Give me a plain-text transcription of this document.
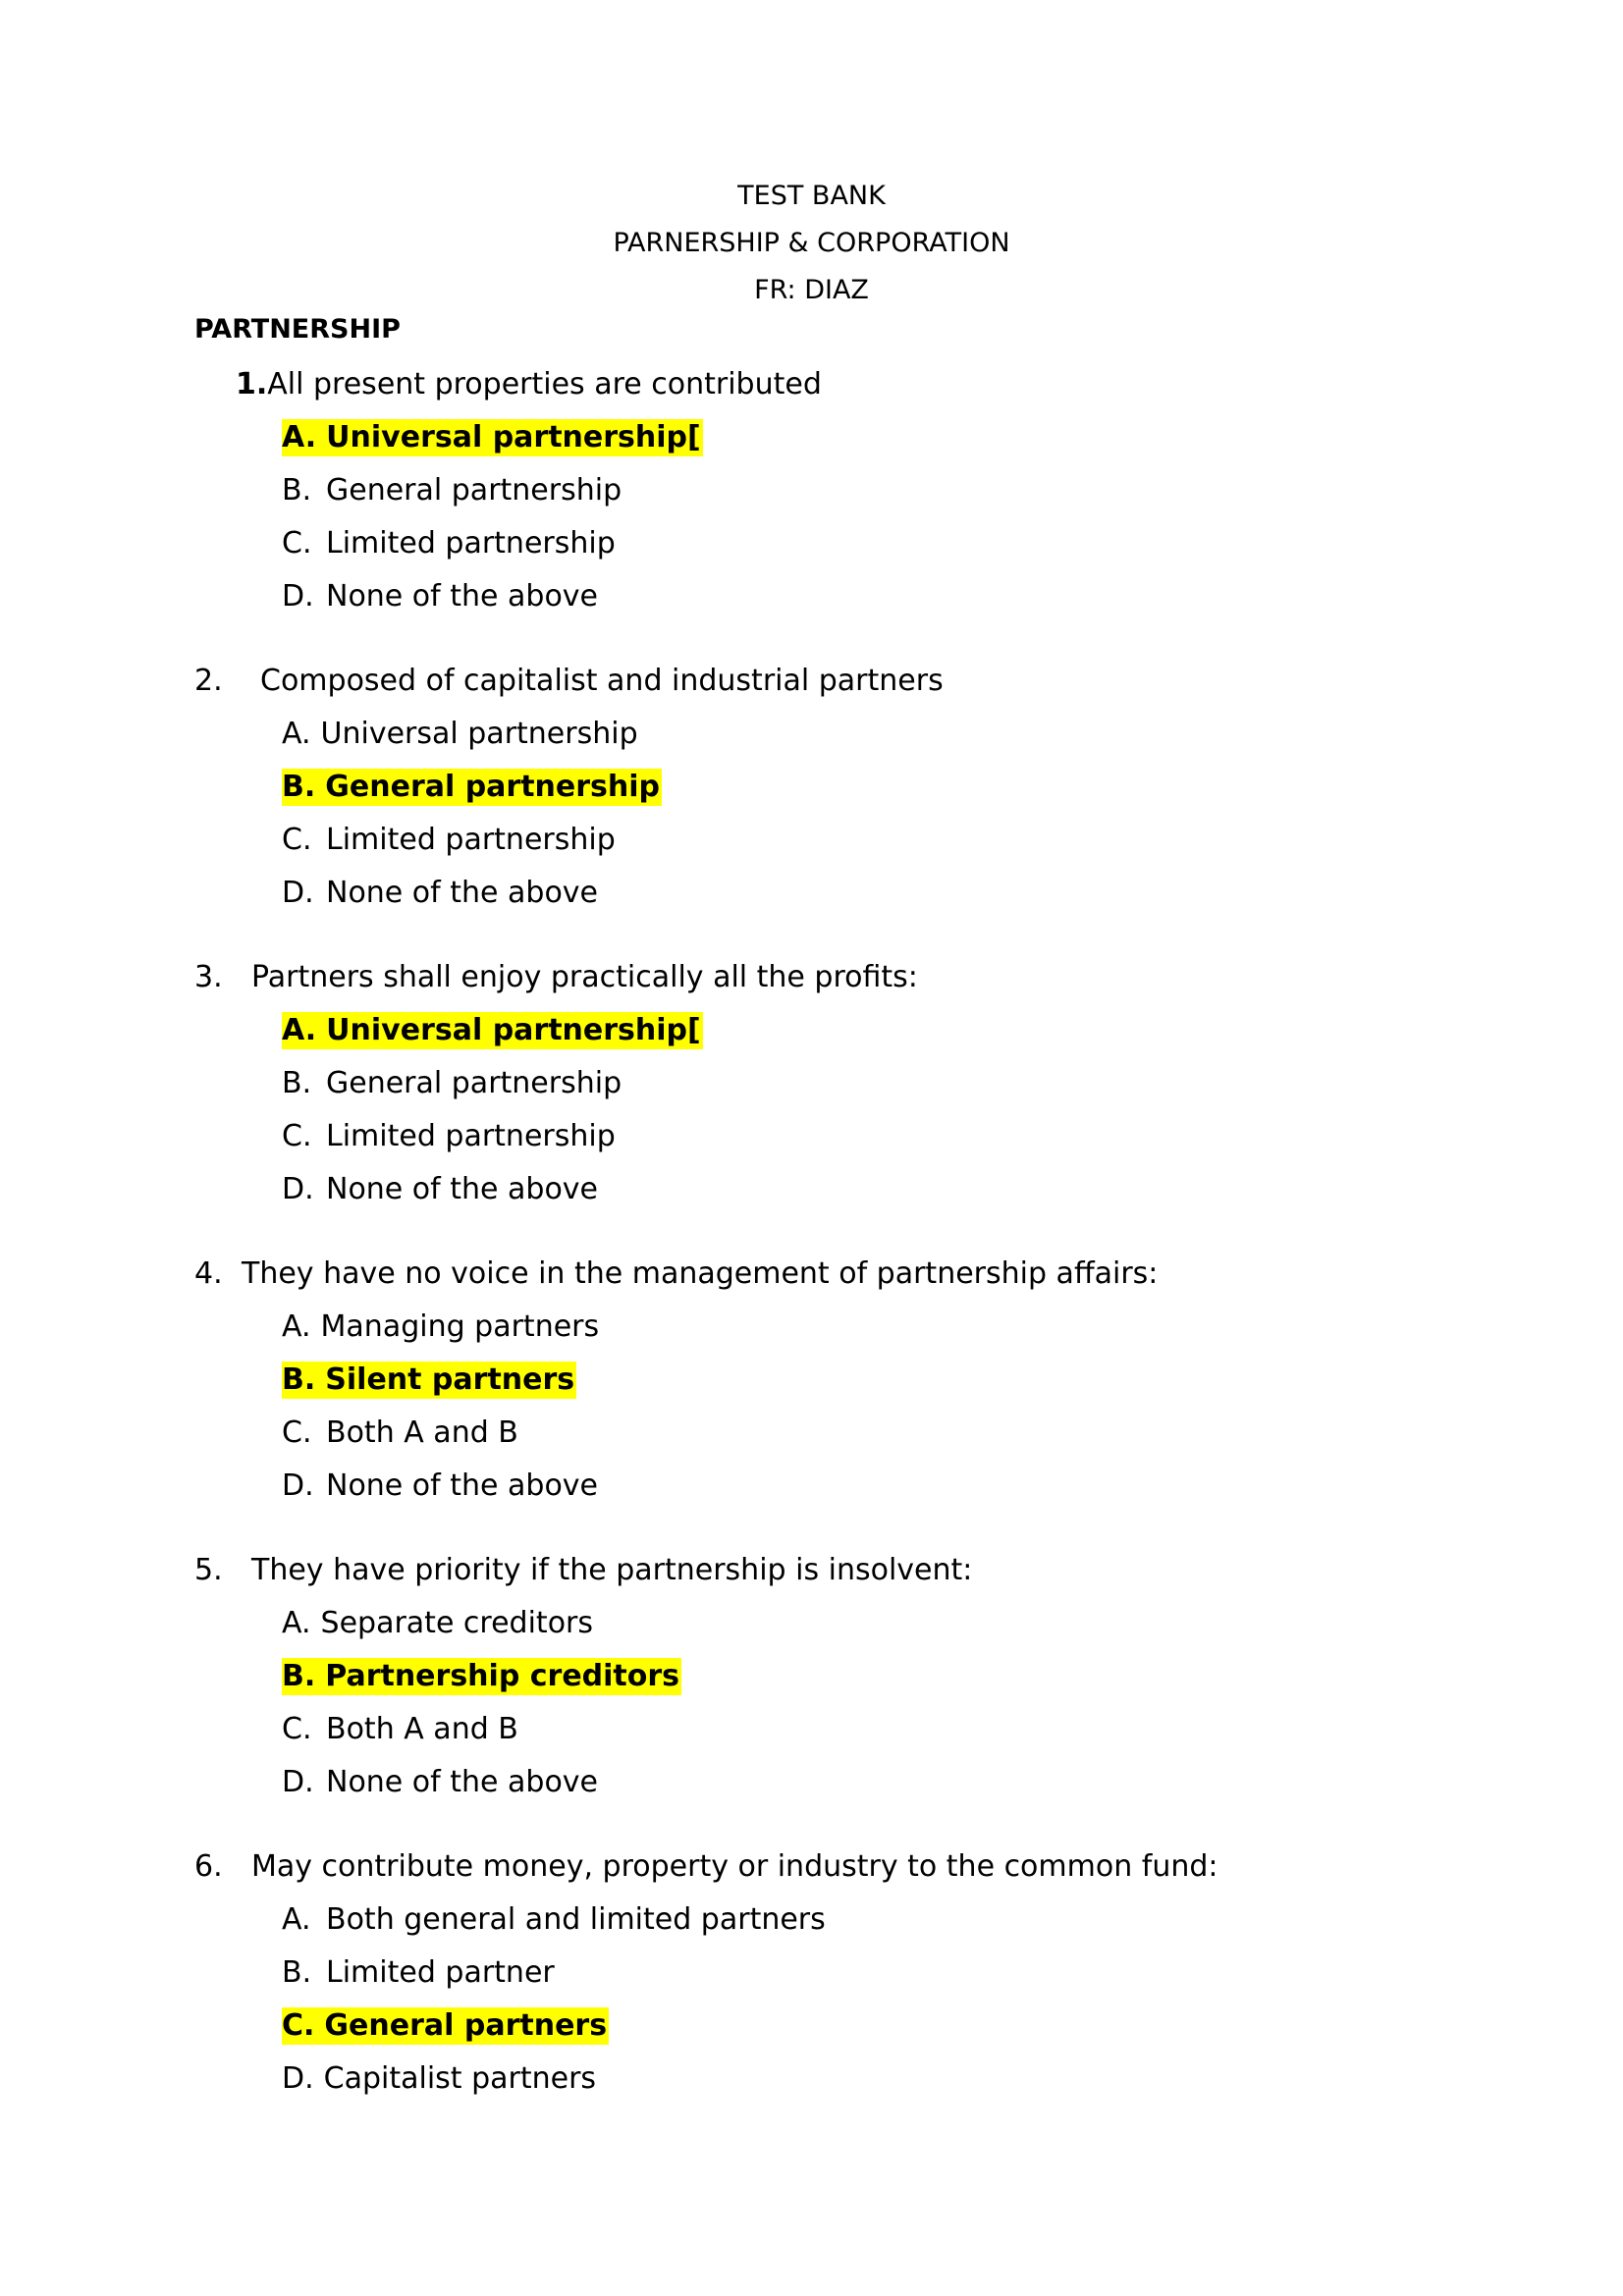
TEST BANK
PARNERSHIP & CORPORATION
FR: DIAZ
PARTNERSHIP
1.All present properties are contributed
A. Universal partnership[
B. General partnership
C. Limited partnership
D. None of the above
2. Composed of capitalist and industrial partners
A. Universal partnership
B. General partnership
C. Limited partnership
D. None of the above
3. Partners shall enjoy practically all the profits:
A. Universal partnership[
B. General partnership
C. Limited partnership
D. None of the above
4. They have no voice in the management of partnership affairs:
A. Managing partners
B. Silent partners
C. Both A and B
D. None of the above
5. They have priority if the partnership is insolvent:
A. Separate creditors
B. Partnership creditors
C. Both A and B
D. None of the above
6. May contribute money, property or industry to the common fund:
A. Both general and limited partners
B. Limited partner
C. General partners
D. Capitalist partners
